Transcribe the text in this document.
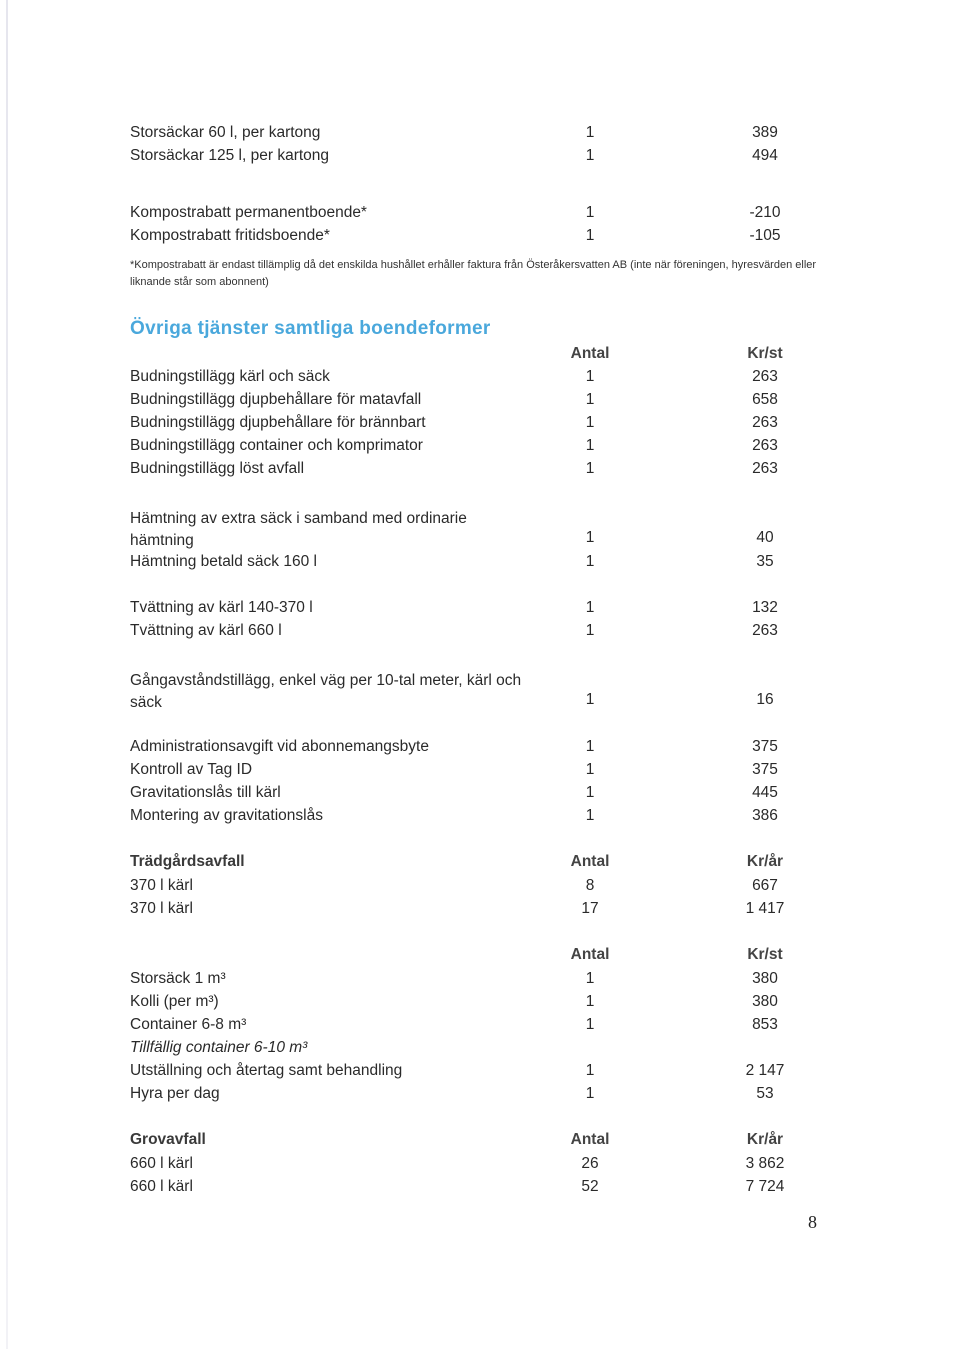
Storsäckar 60 l, per kartong	1	389
Storsäckar 125 l, per kartong	1	494
Kompostrabatt permanentboende*	1	-210
Kompostrabatt fritidsboende*	1	-105
*Kompostrabatt är endast tillämplig då det enskilda hushållet erhåller faktura från Österåkersvatten AB (inte när föreningen, hyresvärden eller liknande står som abonnent)
Övriga tjänster samtliga boendeformer
Antal	Kr/st
Budningstillägg kärl och säck	1	263
Budningstillägg djupbehållare för matavfall	1	658
Budningstillägg djupbehållare för brännbart	1	263
Budningstillägg container och komprimator	1	263
Budningstillägg löst avfall	1	263
Hämtning av extra säck i samband med ordinarie hämtning	1	40
Hämtning betald säck 160 l	1	35
Tvättning av kärl 140-370 l	1	132
Tvättning av kärl 660 l	1	263
Gångavståndstillägg, enkel väg per 10-tal meter, kärl och säck	1	16
Administrationsavgift vid abonnemangsbyte	1	375
Kontroll av Tag ID	1	375
Gravitationslås till kärl	1	445
Montering av gravitationslås	1	386
Trädgårdsavfall	Antal	Kr/år
370 l kärl	8	667
370 l kärl	17	1 417
Antal	Kr/st
Storsäck 1 m³	1	380
Kolli (per m³)	1	380
Container 6-8 m³	1	853
Tillfällig container 6-10 m³
Utställning och återtag samt behandling	1	2 147
Hyra per dag	1	53
Grovavfall	Antal	Kr/år
660 l kärl	26	3 862
660 l kärl	52	7 724
8
